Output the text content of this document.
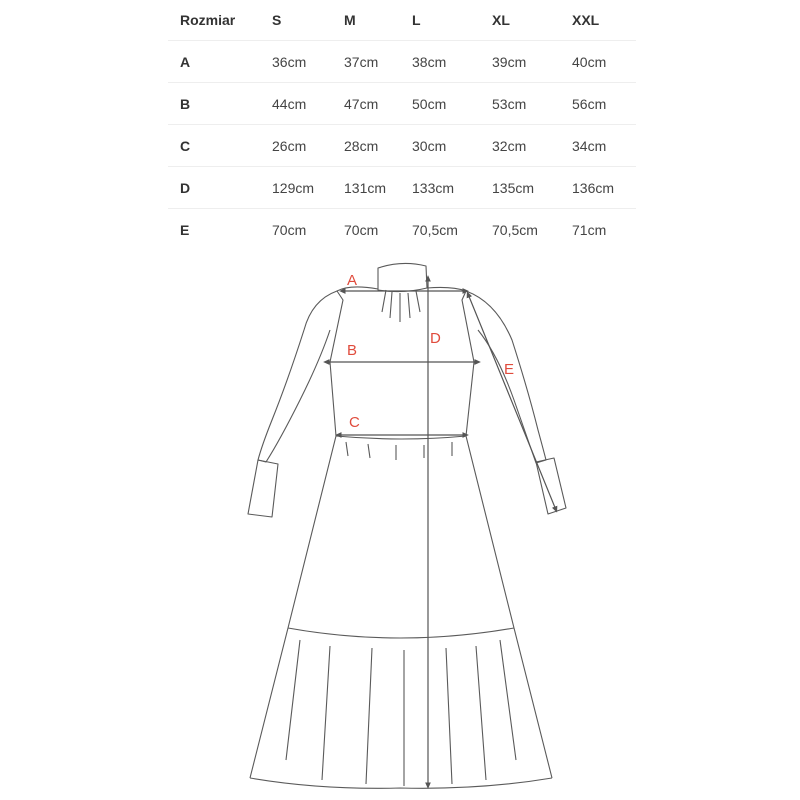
Rozmiar	S	M	L	XL	XXL
A	36cm	37cm	38cm	39cm	40cm
B	44cm	47cm	50cm	53cm	56cm
C	26cm	28cm	30cm	32cm	34cm
D	129cm	131cm	133cm	135cm	136cm
E	70cm	70cm	70,5cm	70,5cm	71cm
A
B
C
D
E
